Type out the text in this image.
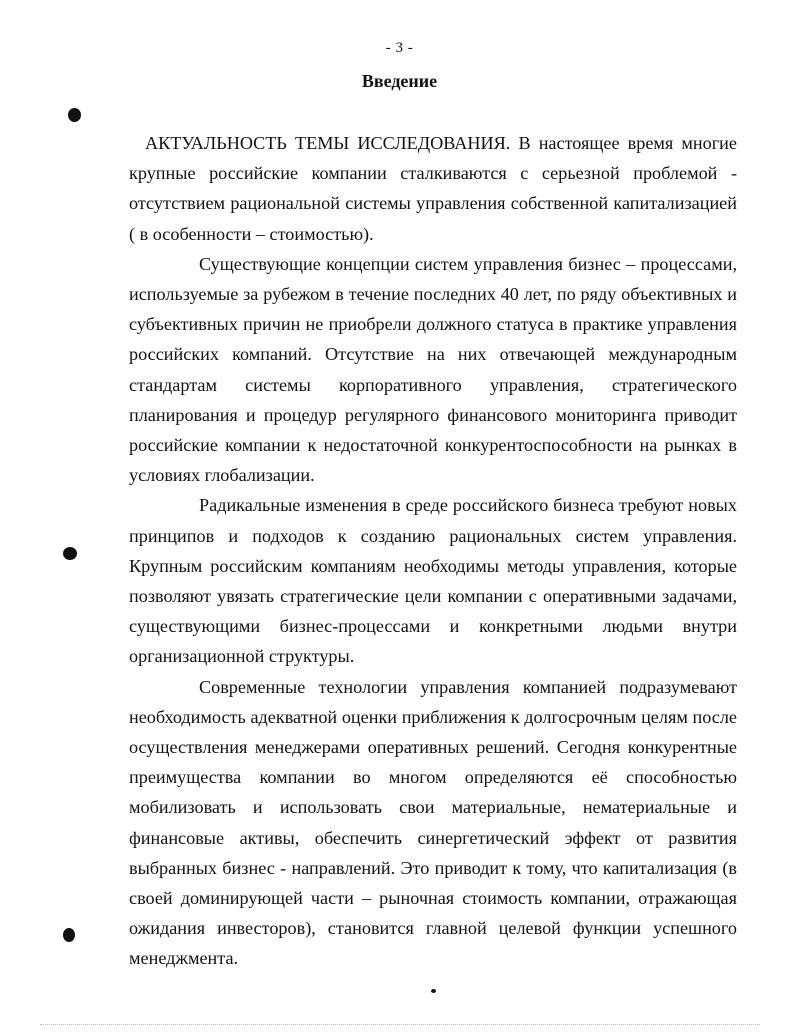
- 3 -
Введение

АКТУАЛЬНОСТЬ ТЕМЫ ИССЛЕДОВАНИЯ. В настоящее время многие крупные российские компании сталкиваются с серьезной проблемой - отсутствием рациональной системы управления собственной капитализацией ( в особенности – стоимостью).

Существующие концепции систем управления бизнес – процессами, используемые за рубежом в течение последних 40 лет, по ряду объективных и субъективных причин не приобрели должного статуса в практике управления российских компаний. Отсутствие на них отвечающей международным стандартам системы корпоративного управления, стратегического планирования и процедур регулярного финансового мониторинга приводит российские компании к недостаточной конкурентоспособности на рынках в условиях глобализации.

Радикальные изменения в среде российского бизнеса требуют новых принципов и подходов к созданию рациональных систем управления. Крупным российским компаниям необходимы методы управления, которые позволяют увязать стратегические цели компании с оперативными задачами, существующими бизнес-процессами и конкретными людьми внутри организационной структуры.

Современные технологии управления компанией подразумевают необходимость адекватной оценки приближения к долгосрочным целям после осуществления менеджерами оперативных решений. Сегодня конкурентные преимущества компании во многом определяются её способностью мобилизовать и использовать свои материальные, нематериальные и финансовые активы, обеспечить синергетический эффект от развития выбранных бизнес - направлений. Это приводит к тому, что капитализация (в своей доминирующей части – рыночная стоимость компании, отражающая ожидания инвесторов), становится главной целевой функции успешного менеджмента.
